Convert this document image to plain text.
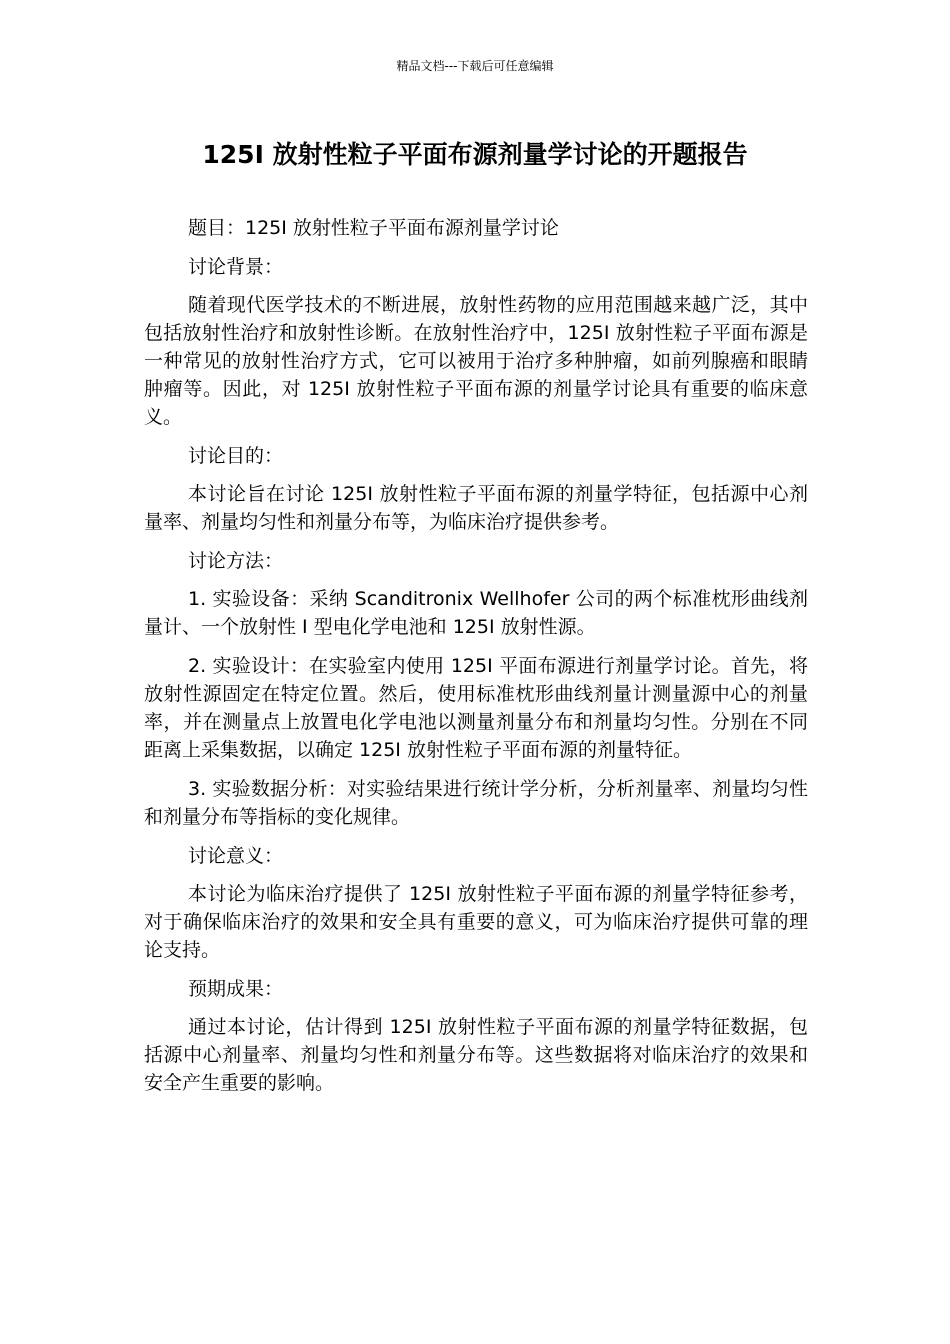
精品文档---下载后可任意编辑
125I 放射性粒子平面布源剂量学讨论的开题报告

题目：125I 放射性粒子平面布源剂量学讨论

讨论背景：

随着现代医学技术的不断进展，放射性药物的应用范围越来越广泛，其中包括放射性治疗和放射性诊断。在放射性治疗中，125I 放射性粒子平面布源是一种常见的放射性治疗方式，它可以被用于治疗多种肿瘤，如前列腺癌和眼睛肿瘤等。因此，对 125I 放射性粒子平面布源的剂量学讨论具有重要的临床意义。

讨论目的：

本讨论旨在讨论 125I 放射性粒子平面布源的剂量学特征，包括源中心剂量率、剂量均匀性和剂量分布等，为临床治疗提供参考。

讨论方法：

1. 实验设备：采纳 Scanditronix Wellhofer 公司的两个标准枕形曲线剂量计、一个放射性 I 型电化学电池和 125I 放射性源。

2. 实验设计：在实验室内使用 125I 平面布源进行剂量学讨论。首先，将放射性源固定在特定位置。然后，使用标准枕形曲线剂量计测量源中心的剂量率，并在测量点上放置电化学电池以测量剂量分布和剂量均匀性。分别在不同距离上采集数据，以确定 125I 放射性粒子平面布源的剂量特征。

3. 实验数据分析：对实验结果进行统计学分析，分析剂量率、剂量均匀性和剂量分布等指标的变化规律。

讨论意义：

本讨论为临床治疗提供了 125I 放射性粒子平面布源的剂量学特征参考，对于确保临床治疗的效果和安全具有重要的意义，可为临床治疗提供可靠的理论支持。

预期成果：

通过本讨论，估计得到 125I 放射性粒子平面布源的剂量学特征数据，包括源中心剂量率、剂量均匀性和剂量分布等。这些数据将对临床治疗的效果和安全产生重要的影响。
